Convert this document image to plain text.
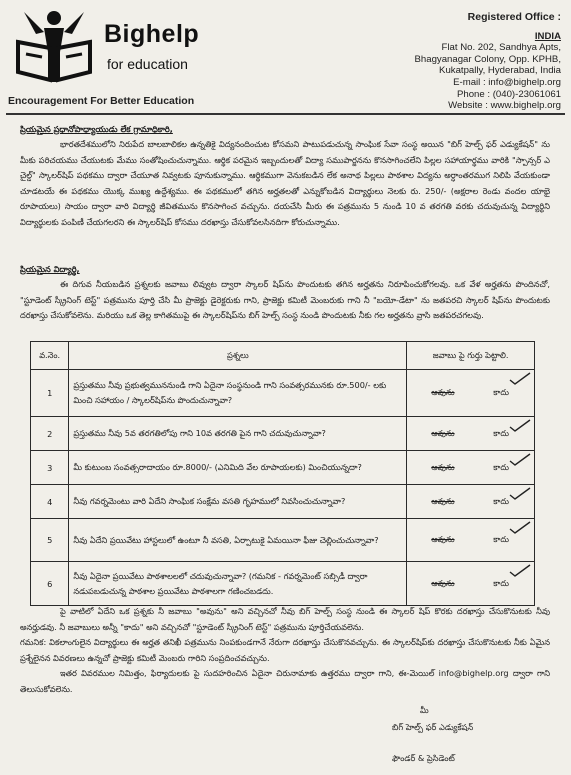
Bighelp
for education
Encouragement For Better Education
Registered Office :
INDIA
Flat No. 202, Sandhya Apts,
Bhagyanagar Colony, Opp. KPHB,
Kukatpally, Hyderabad, India
E-mail : info@bighelp.org
Phone : (040)-23061061
Website : www.bighelp.org
ప్రియమైన ప్రధానోపాధ్యాయుడు లేక గ్రామాధికారి,
భారతదేశములోని నిరుపేద బాలబాలికల ఉన్నతికై విద్యనందించుట కోసమని పాటుపడుచున్న సాంఘిక సేవా సంస్థ అయిన "బిగ్ హెల్ప్ ఫర్ ఎడ్యుకేషన్" ను మీకు పరిచయము చేయుటకు మేము సంతోషించుచున్నాము. ఆర్థిక పరమైన ఇబ్బందులతో విద్యా సముపార్జనను కొనసాగించలేని పిల్లల సహాయార్థము వారికి "స్పాన్సర్ ఎ చైల్డ్" స్కాలర్‌షిప్ పథకము ద్వారా చేయూత నివ్వటకు పూనుకున్నాము. ఆర్థికముగా వెనుకబడిన లేక అనాథ పిల్లలు పాఠశాల విద్యను అర్ధాంతరముగ నిలిపి వేయకుండా చూడటయే ఈ పథకము యొక్క ముఖ్య ఉద్దేశ్యము. ఈ పథకములో తగిన అర్హతలతో ఎన్నుకోబడిన విద్యార్థులు నెలకు రు. 250/- (అక్షరాల రెండు వందల యాభై రూపాయలు) సాయం ద్వారా వారి విద్యార్థి జీవితమును కొనసాగించ వచ్చును. దయచేసి మీరు ఈ పత్రమును 5 నుండి 10 వ తరగతి వరకు చదువుచున్న విద్యార్థిని విద్యార్థులకు పంపిణీ చేయగలరని ఈ స్కాలర్‌షిప్ కోసము దరఖాస్తు చేసుకోవలసినదిగా కోరుచున్నాము.
ప్రియమైన విద్యార్థి,
ఈ దిగువ నీయబడిన ప్రశ్నలకు జవాబు లివ్వుట ద్వారా స్కాలర్ షిప్‌ను పొందుటకు తగిన అర్హతను నిరూపించుకోగలవు. ఒక వేళ అర్హతను పొందినచో, "స్టూడెంట్ స్క్రీనింగ్ టెస్ట్" పత్రమును పూర్తి చేసి మీ ప్రాజెక్టు డైరెక్టరుకు గాని, ప్రాజెక్టు కమిటీ మెంబరుకు గాని నీ "బయో-డేటా" ను జతపరచి స్కాలర్ షిప్‌ను పొందుటకు దరఖాస్తు చేసుకోవలెను. మరియు ఒక తెల్ల కాగితముపై ఈ స్కాలర్‌షిప్‌ను బిగ్ హెల్ప్ సంస్థ నుండి పొందుటకు నీకు గల అర్హతను వ్రాసి జతపరచగలవు.
వ.నెం.	ప్రశ్నలు	జవాబు పై గుర్తు పెట్టాలి.
1	ప్రస్తుతము నీవు ప్రభుత్వముననుండి గాని ఏదైనా సంస్థనుండి గాని సంవత్సరమునకు రూ.500/- లకు మించి సహాయం / స్కాలర్‌షిప్‌ను పొందుచున్నావా?	అవును కాదు

2	ప్రస్తుతము నీవు 5వ తరగతిలోపు గాని 10వ తరగతి పైన గాని చదువుచున్నావా?	అవును కాదు

3	మీ కుటుంబ సంవత్సరాదాయం రూ.8000/- (ఎనిమిది వేల రూపాయలకు) మించియున్నదా?	అవును కాదు

4	నీవు గవర్నమెంటు వారి ఏదేని సాంఘిక సంక్షేమ వసతి గృహములో నివసించుచున్నావా?	అవును కాదు

5	నీవు ఏదేని ప్రయివేటు హాస్టలులో ఉంటూ నీ వసతి, ఏర్పాటుకై ఏమయినా ఫీజు చెల్లించుచున్నావా?	అవును కాదు

6	నీవు ఏదైనా ప్రయివేటు పాఠశాలలలో చదువుచున్నావా? (గమనిక - గవర్నమెంట్ సబ్సిడీ ద్వారా నడుపబడుచున్న పాఠశాల ప్రయివేటు పాఠశాలగా గణించబడదు.	అవును కాదు
పై వాటిలో ఏదేని ఒక ప్రశ్నకు నీ జవాబు "అవును" అని వచ్చినచో నీవు బిగ్ హెల్ప్ సంస్థ నుండి ఈ స్కాలర్ షిప్ కొరకు దరఖాస్తు చేసుకొనుటకు నీవు అనర్హుడవు. నీ జవాబులు అన్నీ "కాదు" అని వచ్చినచో "స్టూడెంట్ స్క్రీనింగ్ టెస్ట్" పత్రమును పూర్తిచేయవలెను.
గమనిక: వికలాంగులైన విద్యార్థులు ఈ అర్హత తనిఖీ పత్రమును నింపకుండగానే నేరుగా దరఖాస్తు చేసుకొనవచ్చును. ఈ స్కాలర్‌షిప్‌కు దరఖాస్తు చేసుకొనుటకు నీకు ఏమైన ప్రశ్నేలైనన వివరణలు ఉన్నచో ప్రాజెక్టు కమిటీ మెంబరు గారిని సంప్రదించవచ్చును.
ఇతర వివరముల నిమిత్తం, ఫిర్యాదులకు పై సుదహరించిన ఏదైనా చిరునామాకు ఉత్తరము ద్వారా గాని, ఈ-మెయిల్ info@bighelp.org ద్వారా గాని తెలుసుకోవలెను.
మీ
బిగ్ హెల్ప్ ఫర్ ఎడ్యుకేషన్
ఫౌండర్ & ప్రెసిడెంట్
